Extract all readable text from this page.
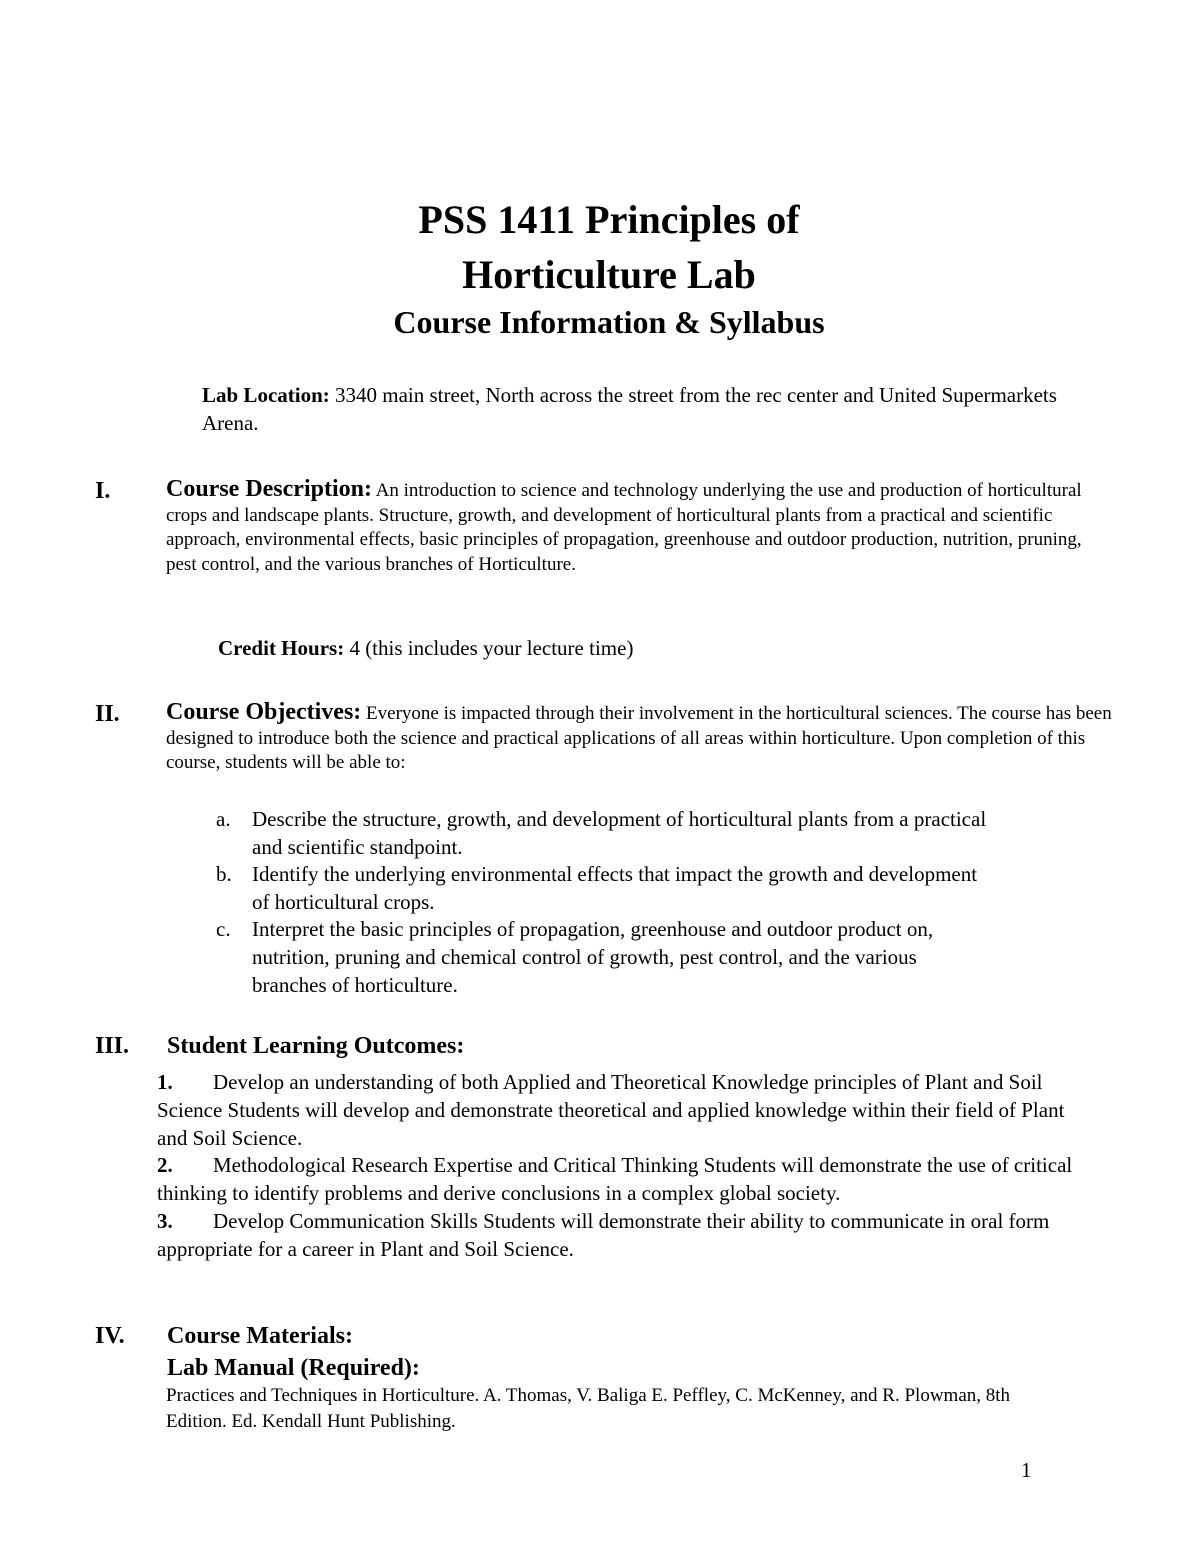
PSS 1411 Principles of
Horticulture Lab
Course Information & Syllabus
Lab Location: 3340 main street, North across the street from the rec center and United Supermarkets Arena.
I. Course Description: An introduction to science and technology underlying the use and production of horticultural crops and landscape plants. Structure, growth, and development of horticultural plants from a practical and scientific approach, environmental effects, basic principles of propagation, greenhouse and outdoor production, nutrition, pruning, pest control, and the various branches of Horticulture.
Credit Hours: 4 (this includes your lecture time)
II. Course Objectives: Everyone is impacted through their involvement in the horticultural sciences. The course has been designed to introduce both the science and practical applications of all areas within horticulture. Upon completion of this course, students will be able to:
a. Describe the structure, growth, and development of horticultural plants from a practical and scientific standpoint.
b. Identify the underlying environmental effects that impact the growth and development of horticultural crops.
c. Interpret the basic principles of propagation, greenhouse and outdoor product on, nutrition, pruning and chemical control of growth, pest control, and the various branches of horticulture.
III. Student Learning Outcomes:

1. Develop an understanding of both Applied and Theoretical Knowledge principles of Plant and Soil Science Students will develop and demonstrate theoretical and applied knowledge within their field of Plant and Soil Science.

2. Methodological Research Expertise and Critical Thinking Students will demonstrate the use of critical thinking to identify problems and derive conclusions in a complex global society.

3. Develop Communication Skills Students will demonstrate their ability to communicate in oral form appropriate for a career in Plant and Soil Science.

IV. Course Materials:
Lab Manual (Required):
Practices and Techniques in Horticulture. A. Thomas, V. Baliga E. Peffley, C. McKenney, and R. Plowman, 8th Edition. Ed. Kendall Hunt Publishing.
1
